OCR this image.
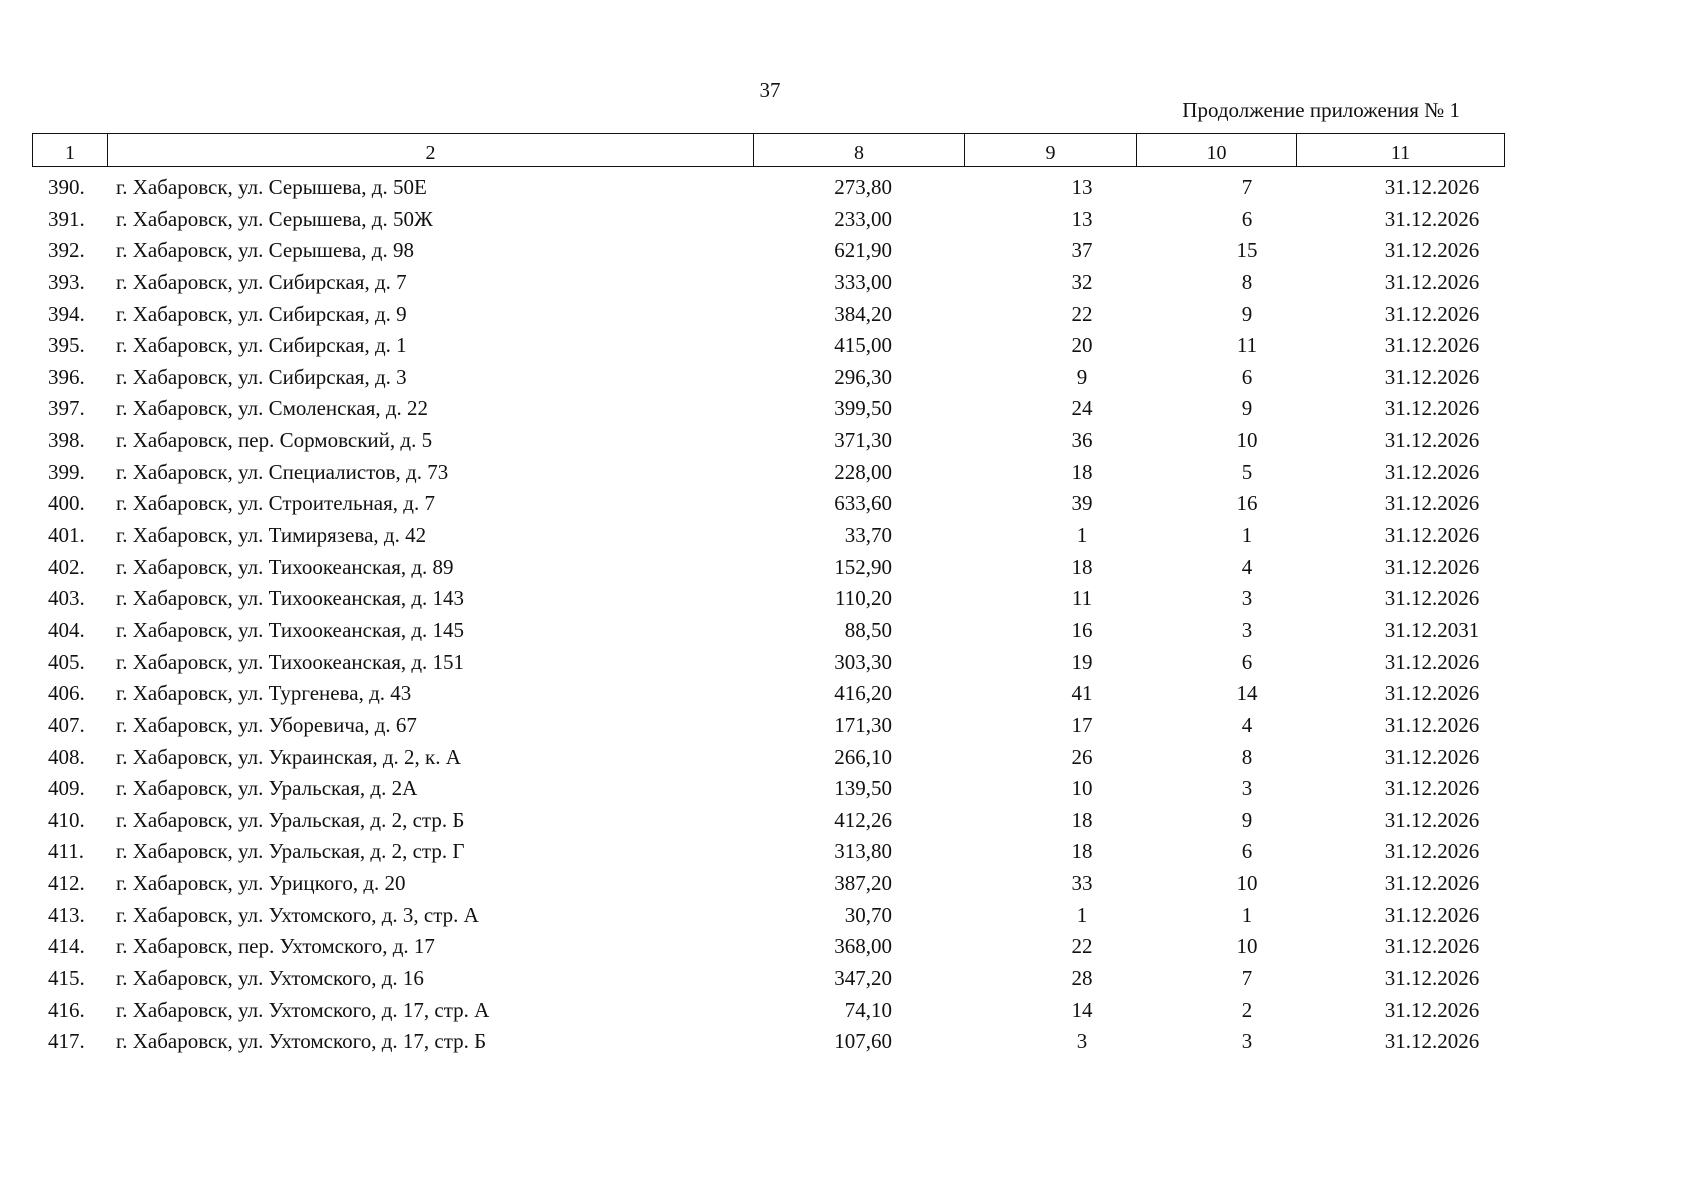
37
Продолжение приложения № 1
1	2	8	9	10	11
390.	г. Хабаровск, ул. Серышева, д. 50Е	273,80	13	7	31.12.2026
391.	г. Хабаровск, ул. Серышева, д. 50Ж	233,00	13	6	31.12.2026
392.	г. Хабаровск, ул. Серышева, д. 98	621,90	37	15	31.12.2026
393.	г. Хабаровск, ул. Сибирская, д. 7	333,00	32	8	31.12.2026
394.	г. Хабаровск, ул. Сибирская, д. 9	384,20	22	9	31.12.2026
395.	г. Хабаровск, ул. Сибирская, д. 1	415,00	20	11	31.12.2026
396.	г. Хабаровск, ул. Сибирская, д. 3	296,30	9	6	31.12.2026
397.	г. Хабаровск, ул. Смоленская, д. 22	399,50	24	9	31.12.2026
398.	г. Хабаровск, пер. Сормовский, д. 5	371,30	36	10	31.12.2026
399.	г. Хабаровск, ул. Специалистов, д. 73	228,00	18	5	31.12.2026
400.	г. Хабаровск, ул. Строительная, д. 7	633,60	39	16	31.12.2026
401.	г. Хабаровск, ул. Тимирязева, д. 42	33,70	1	1	31.12.2026
402.	г. Хабаровск, ул. Тихоокеанская, д. 89	152,90	18	4	31.12.2026
403.	г. Хабаровск, ул. Тихоокеанская, д. 143	110,20	11	3	31.12.2026
404.	г. Хабаровск, ул. Тихоокеанская, д. 145	88,50	16	3	31.12.2031
405.	г. Хабаровск, ул. Тихоокеанская, д. 151	303,30	19	6	31.12.2026
406.	г. Хабаровск, ул. Тургенева, д. 43	416,20	41	14	31.12.2026
407.	г. Хабаровск, ул. Уборевича, д. 67	171,30	17	4	31.12.2026
408.	г. Хабаровск, ул. Украинская, д. 2, к. А	266,10	26	8	31.12.2026
409.	г. Хабаровск, ул. Уральская, д. 2А	139,50	10	3	31.12.2026
410.	г. Хабаровск, ул. Уральская, д. 2, стр. Б	412,26	18	9	31.12.2026
411.	г. Хабаровск, ул. Уральская, д. 2, стр. Г	313,80	18	6	31.12.2026
412.	г. Хабаровск, ул. Урицкого, д. 20	387,20	33	10	31.12.2026
413.	г. Хабаровск, ул. Ухтомского, д. 3, стр. А	30,70	1	1	31.12.2026
414.	г. Хабаровск, пер. Ухтомского, д. 17	368,00	22	10	31.12.2026
415.	г. Хабаровск, ул. Ухтомского, д. 16	347,20	28	7	31.12.2026
416.	г. Хабаровск, ул. Ухтомского, д. 17, стр. А	74,10	14	2	31.12.2026
417.	г. Хабаровск, ул. Ухтомского, д. 17, стр. Б	107,60	3	3	31.12.2026
